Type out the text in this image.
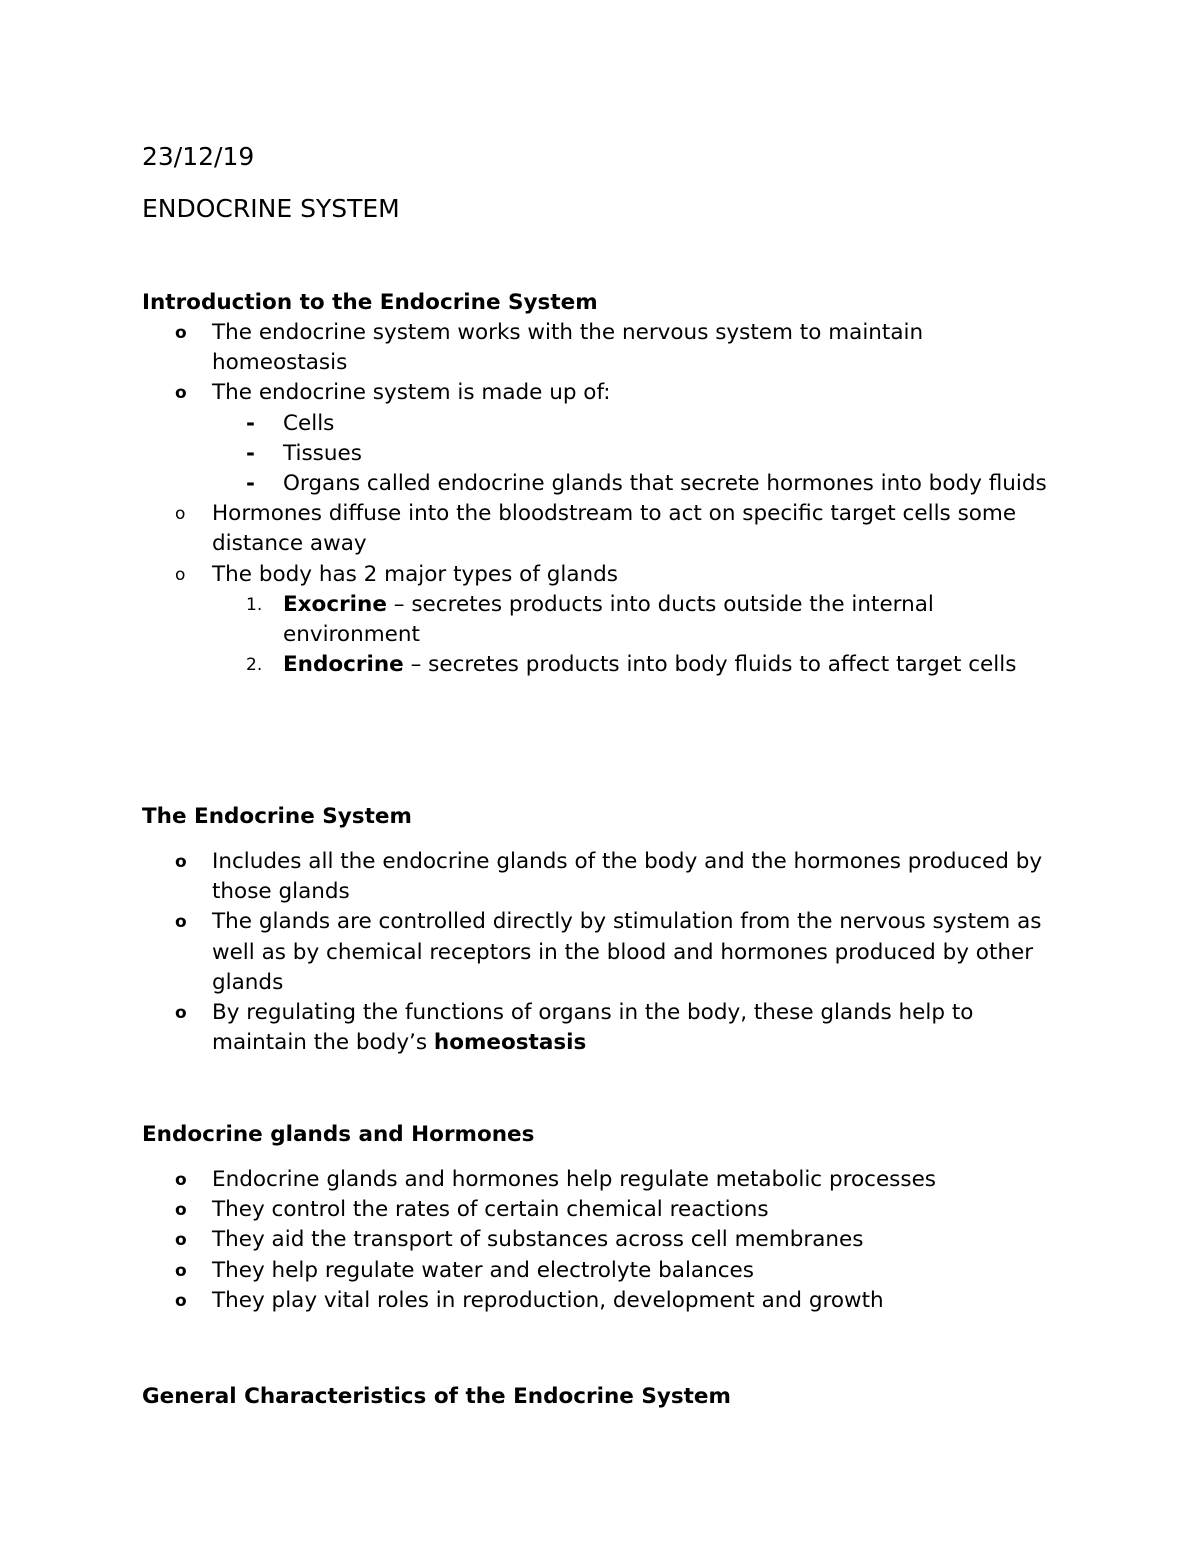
23/12/19
ENDOCRINE SYSTEM
Introduction to the Endocrine System
o	The endocrine system works with the nervous system to maintain homeostasis
o	The endocrine system is made up of:
- Cells
- Tissues
- Organs called endocrine glands that secrete hormones into body fluids
o	Hormones diffuse into the bloodstream to act on specific target cells some distance away
o	The body has 2 major types of glands
1. Exocrine – secretes products into ducts outside the internal environment
2. Endocrine – secretes products into body fluids to affect target cells
The Endocrine System
o	Includes all the endocrine glands of the body and the hormones produced by those glands
o	The glands are controlled directly by stimulation from the nervous system as well as by chemical receptors in the blood and hormones produced by other glands
o	By regulating the functions of organs in the body, these glands help to maintain the body’s homeostasis
Endocrine glands and Hormones
o	Endocrine glands and hormones help regulate metabolic processes
o	They control the rates of certain chemical reactions
o	They aid the transport of substances across cell membranes
o	They help regulate water and electrolyte balances
o	They play vital roles in reproduction, development and growth
General Characteristics of the Endocrine System
